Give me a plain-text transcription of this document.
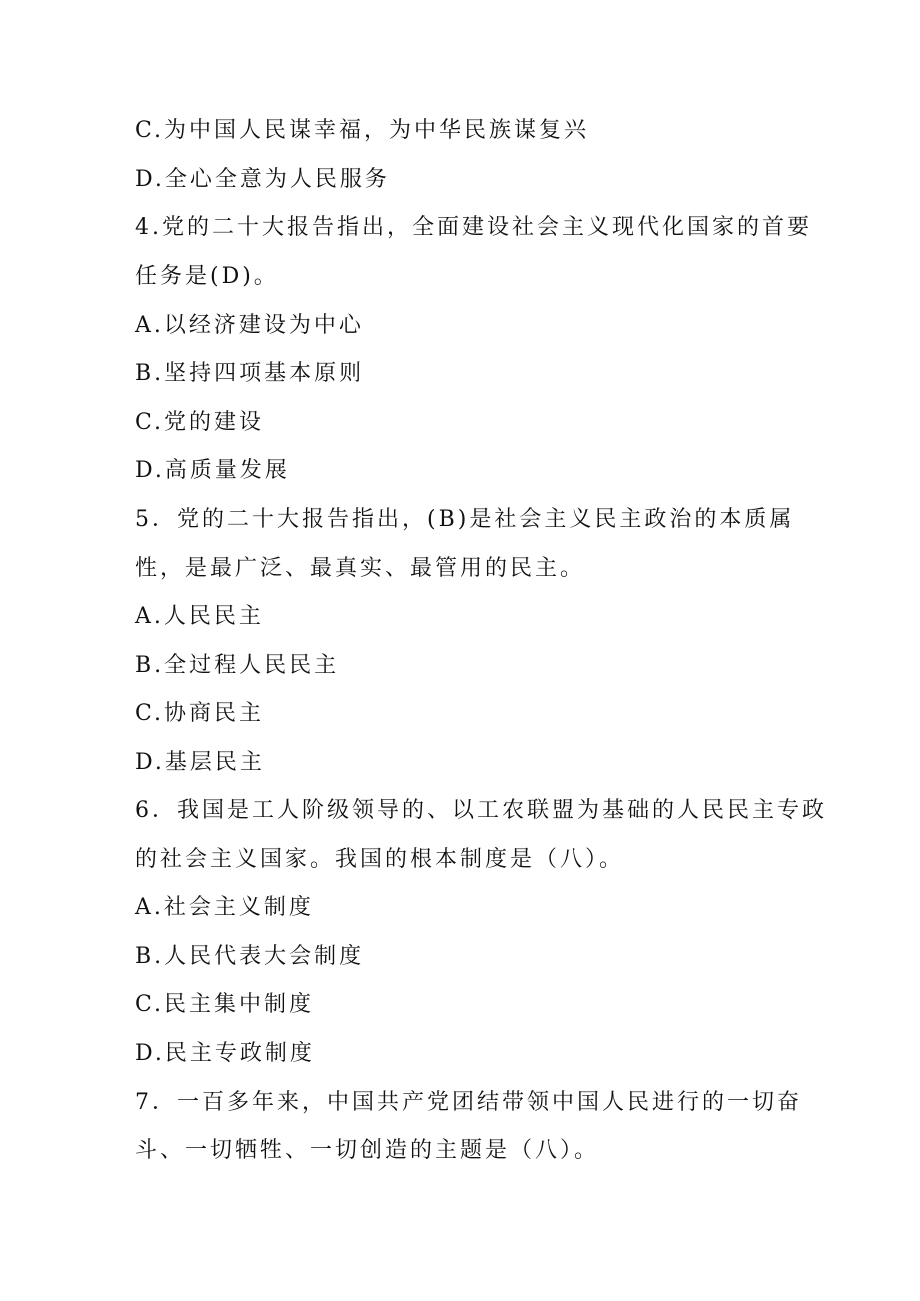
C.为中国人民谋幸福，为中华民族谋复兴
D.全心全意为人民服务
4.党的二十大报告指出，全面建设社会主义现代化国家的首要
任务是(D)。
A.以经济建设为中心
B.坚持四项基本原则
C.党的建设
D.高质量发展
5．党的二十大报告指出，(B)是社会主义民主政治的本质属
性，是最广泛、最真实、最管用的民主。
A.人民民主
B.全过程人民民主
C.协商民主
D.基层民主
6．我国是工人阶级领导的、以工农联盟为基础的人民民主专政
的社会主义国家。我国的根本制度是（八）。
A.社会主义制度
B.人民代表大会制度
C.民主集中制度
D.民主专政制度
7．一百多年来，中国共产党团结带领中国人民进行的一切奋
斗、一切牺牲、一切创造的主题是（八）。
